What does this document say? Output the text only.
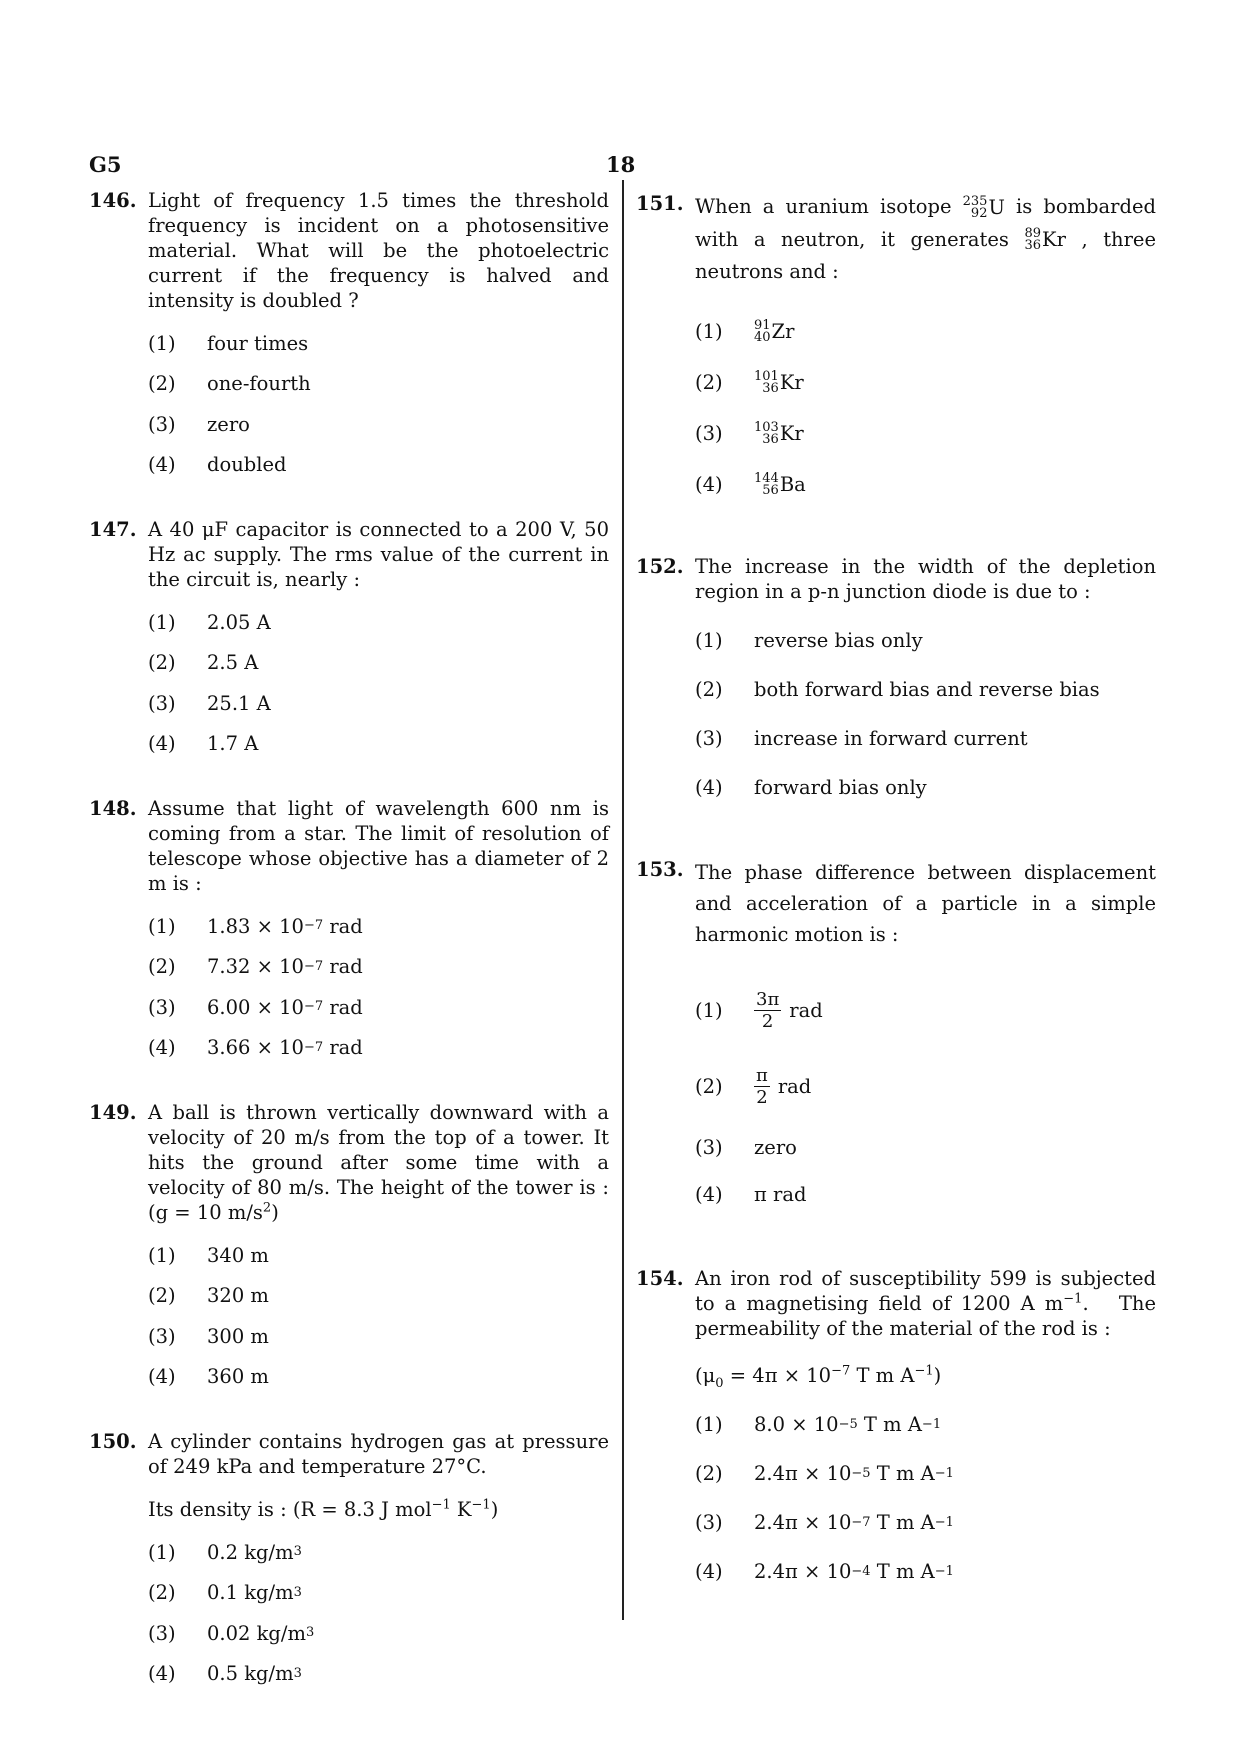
G5	18
146. Light of frequency 1.5 times the threshold frequency is incident on a photosensitive material. What will be the photoelectric current if the frequency is halved and intensity is doubled ?
(1)	four times
(2)	one-fourth
(3)	zero
(4)	doubled
147. A 40 μF capacitor is connected to a 200 V, 50 Hz ac supply. The rms value of the current in the circuit is, nearly :
(1)	2.05 A
(2)	2.5 A
(3)	25.1 A
(4)	1.7 A
148. Assume that light of wavelength 600 nm is coming from a star. The limit of resolution of telescope whose objective has a diameter of 2 m is :
(1)	1.83 × 10 −7 rad
(2)	7.32 × 10 −7 rad
(3)	6.00 × 10 −7 rad
(4)	3.66 × 10 −7 rad
149. A ball is thrown vertically downward with a velocity of 20 m/s from the top of a tower. It hits the ground after some time with a velocity of 80 m/s. The height of the tower is : (g = 10 $m/s^2$)
(1)	340 m
(2)	320 m
(3)	300 m
(4)	360 m
150. A cylinder contains hydrogen gas at pressure of 249 kPa and temperature 27°C.
Its density is : (R = 8.3 J mol$^{-1}$ $K^{-1}$)
(1)	0.2 kg/m 3
(2)	0.1 kg/m 3
(3)	0.02 kg/m 3
(4)	0.5 kg/m 3
151. When a uranium isotope 235
92 U is bombarded with a neutron, it generates 89
36 Kr , three neutrons and :
(1)	91
40 Zr
(2)	101
36 Kr
(3)	103
36 Kr
(4)	144
56 Ba
152. The increase in the width of the depletion region in a p-n junction diode is due to :
(1)	reverse bias only
(2)	both forward bias and reverse bias
(3)	increase in forward current
(4)	forward bias only
153. The phase difference between displacement and acceleration of a particle in a simple harmonic motion is :
(1)	$\frac{3\pi}{2}$ rad
(2)	$\frac{\pi}{2}$ rad
(3)	zero
(4)	π rad
154. An iron rod of susceptibility 599 is subjected to a magnetising field of 1200 A $m^{-1}$.   The permeability of the material of the rod is :
($\mu_0 = 4\pi \times 10^{-7}$ T m $A^{-1}$)
(1)	8.0 × 10 −5 T m A −1
(2)	2.4π × 10 −5 T m A −1
(3)	2.4π × 10 −7 T m A −1
(4)	2.4π × 10 −4 T m A −1
